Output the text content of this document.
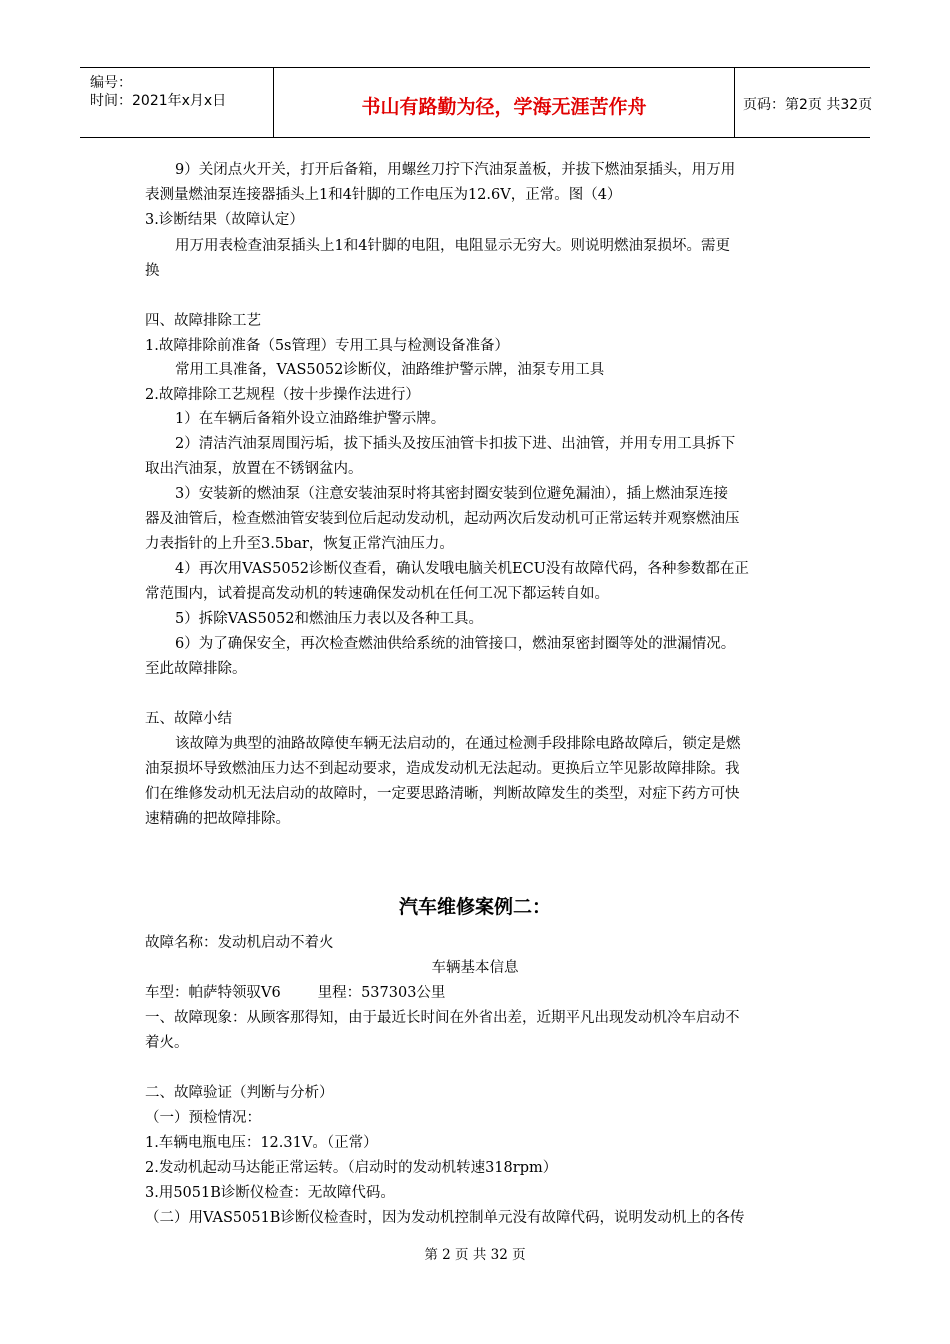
编号：
时间：2021年x月x日	书山有路勤为径，学海无涯苦作舟	页码：第2页 共32页
9）关闭点火开关，打开后备箱，用螺丝刀拧下汽油泵盖板，并拔下燃油泵插头，用万用
表测量燃油泵连接器插头上1和4针脚的工作电压为12.6V，正常。图（4）
3.诊断结果（故障认定）
用万用表检查油泵插头上1和4针脚的电阻，电阻显示无穷大。则说明燃油泵损坏。需更
换
四、故障排除工艺
1.故障排除前准备（5s管理）专用工具与检测设备准备）
常用工具准备，VAS5052诊断仪，油路维护警示牌，油泵专用工具
2.故障排除工艺规程（按十步操作法进行）
1）在车辆后备箱外设立油路维护警示牌。
2）清洁汽油泵周围污垢，拔下插头及按压油管卡扣拔下进、出油管，并用专用工具拆下
取出汽油泵，放置在不锈钢盆内。
3）安装新的燃油泵（注意安装油泵时将其密封圈安装到位避免漏油），插上燃油泵连接
器及油管后，检查燃油管安装到位后起动发动机，起动两次后发动机可正常运转并观察燃油压
力表指针的上升至3.5bar，恢复正常汽油压力。
4）再次用VAS5052诊断仪查看，确认发哦电脑关机ECU没有故障代码，各种参数都在正
常范围内，试着提高发动机的转速确保发动机在任何工况下都运转自如。
5）拆除VAS5052和燃油压力表以及各种工具。
6）为了确保安全，再次检查燃油供给系统的油管接口，燃油泵密封圈等处的泄漏情况。
至此故障排除。
五、故障小结
该故障为典型的油路故障使车辆无法启动的，在通过检测手段排除电路故障后，锁定是燃
油泵损坏导致燃油压力达不到起动要求，造成发动机无法起动。更换后立竿见影故障排除。我
们在维修发动机无法启动的故障时，一定要思路清晰，判断故障发生的类型，对症下药方可快
速精确的把故障排除。
汽车维修案例二：
故障名称：发动机启动不着火
车辆基本信息
车型：帕萨特领驭V6        里程：537303公里
一、故障现象：从顾客那得知，由于最近长时间在外省出差，近期平凡出现发动机冷车启动不
着火。
二、故障验证（判断与分析）
（一）预检情况：
1.车辆电瓶电压：12.31V。（正常）
2.发动机起动马达能正常运转。（启动时的发动机转速318rpm）
3.用5051B诊断仪检查：无故障代码。
（二）用VAS5051B诊断仪检查时，因为发动机控制单元没有故障代码，说明发动机上的各传
第 2 页 共 32 页
